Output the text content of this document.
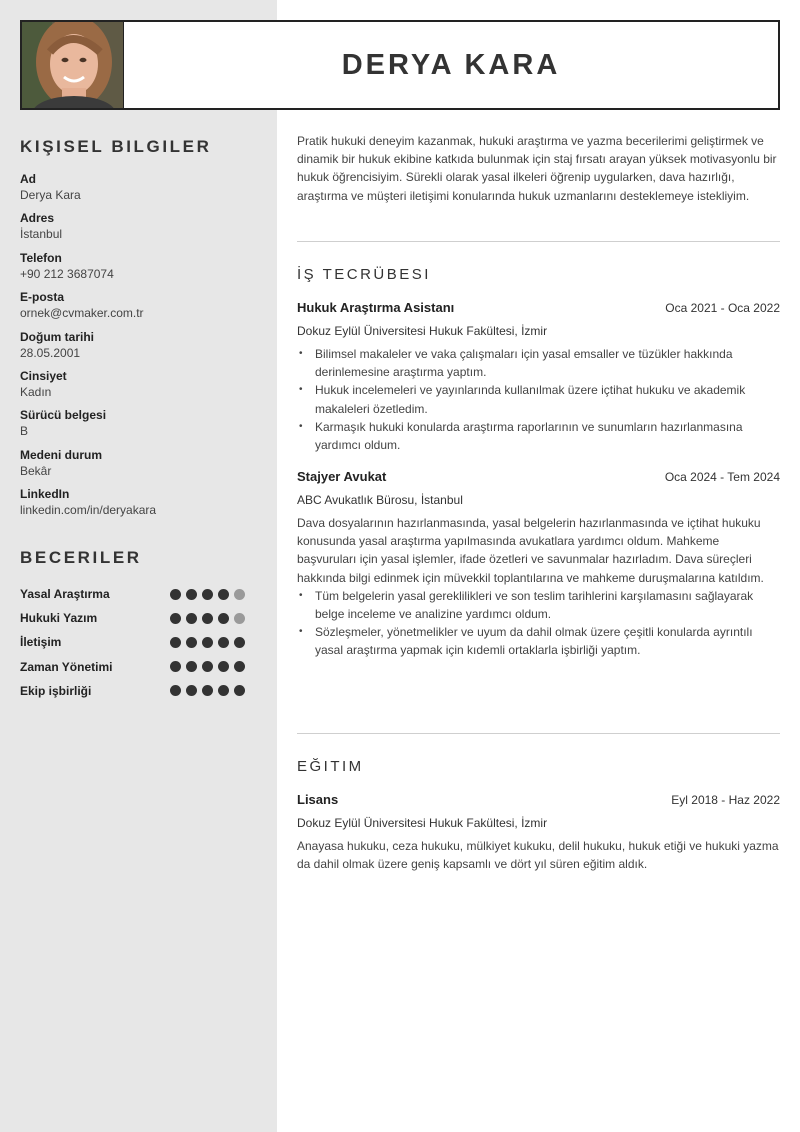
DERYA KARA
KIŞISEL BILGILER
Ad
Derya Kara
Adres
İstanbul
Telefon
+90 212 3687074
E-posta
ornek@cvmaker.com.tr
Doğum tarihi
28.05.2001
Cinsiyet
Kadın
Sürücü belgesi
B
Medeni durum
Bekâr
LinkedIn
linkedin.com/in/deryakara
BECERILER
Yasal Araştırma
Hukuki Yazım
İletişim
Zaman Yönetimi
Ekip işbirliği
Pratik hukuki deneyim kazanmak, hukuki araştırma ve yazma becerilerimi geliştirmek ve dinamik bir hukuk ekibine katkıda bulunmak için staj fırsatı arayan yüksek motivasyonlu bir hukuk öğrencisiyim. Sürekli olarak yasal ilkeleri öğrenip uygularken, dava hazırlığı, araştırma ve müşteri iletişimi konularında hukuk uzmanlarını desteklemeye istekliyim.
İŞ TECRÜBESI
Hukuk Araştırma Asistanı	Oca 2021 - Oca 2022
Dokuz Eylül Üniversitesi Hukuk Fakültesi, İzmir
• Bilimsel makaleler ve vaka çalışmaları için yasal emsaller ve tüzükler hakkında derinlemesine araştırma yaptım.
• Hukuk incelemeleri ve yayınlarında kullanılmak üzere içtihat hukuku ve akademik makaleleri özetledim.
• Karmaşık hukuki konularda araştırma raporlarının ve sunumların hazırlanmasına yardımcı oldum.
Stajyer Avukat	Oca 2024 - Tem 2024
ABC Avukatlık Bürosu, İstanbul
Dava dosyalarının hazırlanmasında, yasal belgelerin hazırlanmasında ve içtihat hukuku konusunda yasal araştırma yapılmasında avukatlara yardımcı oldum. Mahkeme başvuruları için yasal işlemler, ifade özetleri ve savunmalar hazırladım. Dava süreçleri hakkında bilgi edinmek için müvekkil toplantılarına ve mahkeme duruşmalarına katıldım.
• Tüm belgelerin yasal gereklilikleri ve son teslim tarihlerini karşılamasını sağlayarak belge inceleme ve analizine yardımcı oldum.
• Sözleşmeler, yönetmelikler ve uyum da dahil olmak üzere çeşitli konularda ayrıntılı yasal araştırma yapmak için kıdemli ortaklarla işbirliği yaptım.
EĞITIM
Lisans	Eyl 2018 - Haz 2022
Dokuz Eylül Üniversitesi Hukuk Fakültesi, İzmir
Anayasa hukuku, ceza hukuku, mülkiyet kukuku, delil hukuku, hukuk etiği ve hukuki yazma da dahil olmak üzere geniş kapsamlı ve dört yıl süren eğitim aldık.
